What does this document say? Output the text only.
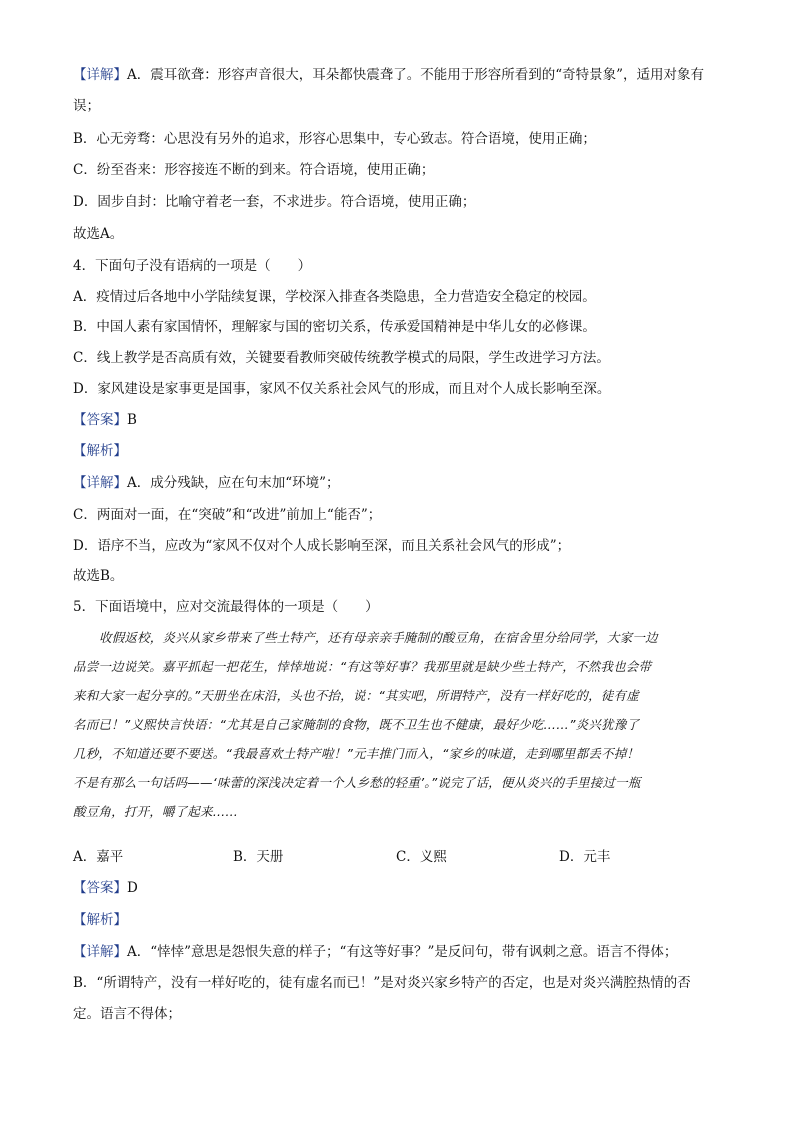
【详解】A．震耳欲聋：形容声音很大，耳朵都快震聋了。不能用于形容所看到的“奇特景象”，适用对象有
误；
B．心无旁骛：心思没有另外的追求，形容心思集中，专心致志。符合语境，使用正确；
C．纷至沓来：形容接连不断的到来。符合语境，使用正确；
D．固步自封：比喻守着老一套，不求进步。符合语境，使用正确；
故选A。
4．下面句子没有语病的一项是（　　）
A．疫情过后各地中小学陆续复课，学校深入排查各类隐患，全力营造安全稳定的校园。
B．中国人素有家国情怀，理解家与国的密切关系，传承爱国精神是中华儿女的必修课。
C．线上教学是否高质有效，关键要看教师突破传统教学模式的局限，学生改进学习方法。
D．家风建设是家事更是国事，家风不仅关系社会风气的形成，而且对个人成长影响至深。
【答案】B
【解析】
【详解】A．成分残缺，应在句末加“环境”；
C．两面对一面，在“突破”和“改进”前加上“能否”；
D．语序不当，应改为“家风不仅对个人成长影响至深，而且关系社会风气的形成”；
故选B。
5．下面语境中，应对交流最得体的一项是（　　）
收假返校，炎兴从家乡带来了些土特产，还有母亲亲手腌制的酸豆角，在宿舍里分给同学，大家一边
品尝一边说笑。嘉平抓起一把花生，悻悻地说：“有这等好事？我那里就是缺少些土特产，不然我也会带
来和大家一起分享的。”天册坐在床沿，头也不抬，说：“其实吧，所谓特产，没有一样好吃的，徒有虚
名而已！”义熙快言快语：“尤其是自己家腌制的食物，既不卫生也不健康，最好少吃……”炎兴犹豫了
几秒，不知道还要不要送。“我最喜欢土特产啦！”元丰推门而入，“家乡的味道，走到哪里都丢不掉！
不是有那么一句话吗——‘味蕾的深浅决定着一个人乡愁的轻重’。”说完了话，便从炎兴的手里接过一瓶
酸豆角，打开，嚼了起来……
A．嘉平	B．天册	C．义熙	D．元丰
【答案】D
【解析】
【详解】A．“悻悻”意思是怨恨失意的样子；“有这等好事？”是反问句，带有讽刺之意。语言不得体；
B．“所谓特产，没有一样好吃的，徒有虚名而已！”是对炎兴家乡特产的否定，也是对炎兴满腔热情的否
定。语言不得体；
